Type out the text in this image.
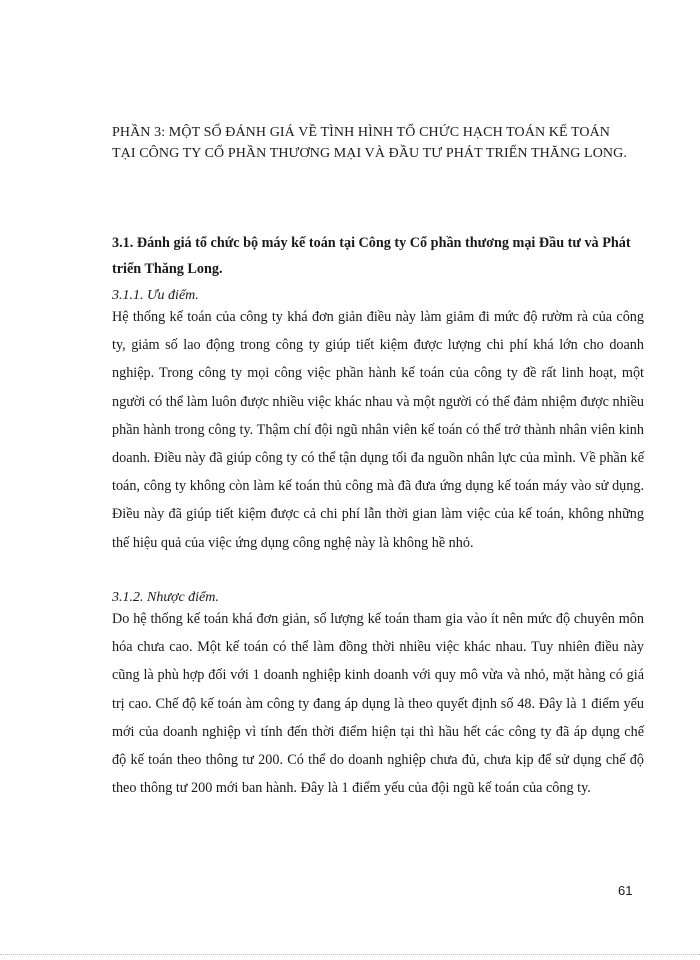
PHẦN 3: MỘT SỐ ĐÁNH GIÁ VỀ TÌNH HÌNH TỔ CHỨC HẠCH TOÁN KẾ TOÁN TẠI CÔNG TY CỔ PHẦN THƯƠNG MẠI VÀ ĐẦU TƯ PHÁT TRIỂN THĂNG LONG.
3.1. Đánh giá tổ chức bộ máy kế toán tại Công ty Cổ phần thương mại Đầu tư và Phát triển Thăng Long.
3.1.1. Ưu điểm.
Hệ thống kế toán của công ty khá đơn giản điều này làm giảm đi mức độ rườm rà của công ty, giảm số lao động trong công ty giúp tiết kiệm được lượng chi phí khá lớn cho doanh nghiệp. Trong công ty mọi công việc phần hành kế toán của công ty đề rất linh hoạt, một người có thể làm luôn được nhiều việc khác nhau và một người có thể đảm nhiệm được nhiều phần hành trong công ty. Thậm chí đội ngũ nhân viên kế toán có thể trở thành nhân viên kinh doanh. Điều này đã giúp công ty có thể tận dụng tối đa nguồn nhân lực của mình. Về phần kế toán, công ty không còn làm kế toán thủ công mà đã đưa ứng dụng kế toán máy vào sử dụng. Điều này đã giúp tiết kiệm được cả chi phí lẫn thời gian làm việc của kế toán, không những thế hiệu quả của việc ứng dụng công nghệ này là không hề nhỏ.
3.1.2. Nhược điểm.
Do hệ thống kế toán khá đơn giản, số lượng kế toán tham gia vào ít nên mức độ chuyên môn hóa chưa cao. Một kế toán có thể làm đồng thời nhiều việc khác nhau. Tuy nhiên điều này cũng là phù hợp đối với 1 doanh nghiệp kinh doanh với quy mô vừa và nhỏ, mặt hàng có giá trị cao. Chế độ kế toán àm công ty đang áp dụng là theo quyết định số 48. Đây là 1 điểm yếu mới của doanh nghiệp vì tính đến thời điểm hiện tại thì hầu hết các công ty đã áp dụng chế độ kế toán theo thông tư 200. Có thể do doanh nghiệp chưa đủ, chưa kịp để sử dụng chế độ theo thông tư 200 mới ban hành. Đây là 1 điểm yếu của đội ngũ kế toán của công ty.
61
